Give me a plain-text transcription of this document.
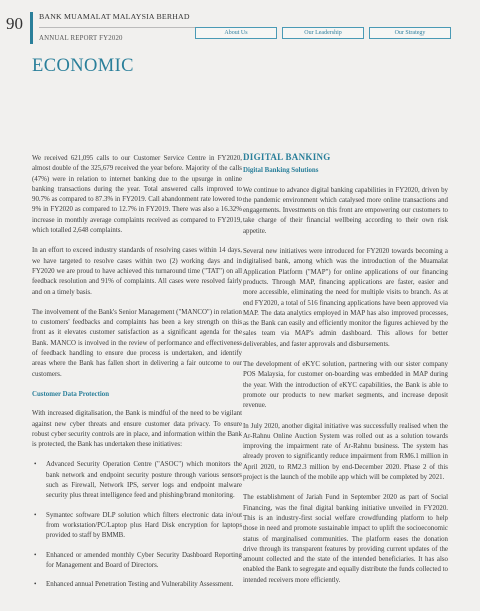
90 BANK MUAMALAT MALAYSIA BERHAD
ANNUAL REPORT FY2020
About Us	Our Leadership	Our Strategy
ECONOMIC

We received 621,095 calls to our Customer Service Centre in FY2020, almost double of the 325,679 received the year before. Majority of the calls (47%) were in relation to internet banking due to the upsurge in online banking transactions during the year. Total answered calls improved to 90.7% as compared to 87.3% in FY2019. Call abandonment rate lowered to 9% in FY2020 as compared to 12.7% in FY2019. There was also a 16.32% increase in monthly average complaints received as compared to FY2019, which totalled 2,648 complaints.

In an effort to exceed industry standards of resolving cases within 14 days, we have targeted to resolve cases within two (2) working days and in FY2020 we are proud to have achieved this turnaround time ("TAT") on all feedback resolution and 91% of complaints. All cases were resolved fairly and on a timely basis.

The involvement of the Bank's Senior Management ("MANCO") in relation to customers' feedbacks and complaints has been a key strength on this front as it elevates customer satisfaction as a significant agenda for the Bank. MANCO is involved in the review of performance and effectiveness of feedback handling to ensure due process is undertaken, and identify areas where the Bank has fallen short in delivering a fair outcome to our customers.

Customer Data Protection

With increased digitalisation, the Bank is mindful of the need to be vigilant against new cyber threats and ensure customer data privacy. To ensure robust cyber security controls are in place, and information within the Bank is protected, the Bank has undertaken these initiatives:

• Advanced Security Operation Centre ("ASOC") which monitors the bank network and endpoint security posture through various sensors such as Firewall, Network IPS, server logs and endpoint malware security plus threat intelligence feed and phishing/brand monitoring.
• Symantec software DLP solution which filters electronic data in/out from workstation/PC/Laptop plus Hard Disk encryption for laptops provided to staff by BMMB.
• Enhanced or amended monthly Cyber Security Dashboard Reporting for Management and Board of Directors.
• Enhanced annual Penetration Testing and Vulnerability Assessment.
DIGITAL BANKING
Digital Banking Solutions

We continue to advance digital banking capabilities in FY2020, driven by the pandemic environment which catalysed more online transactions and engagements. Investments on this front are empowering our customers to take charge of their financial wellbeing according to their own risk appetite.

Several new initiatives were introduced for FY2020 towards becoming a digitalised bank, among which was the introduction of the Muamalat Application Platform ("MAP") for online applications of our financing products. Through MAP, financing applications are faster, easier and more accessible, eliminating the need for multiple visits to branch. As at end FY2020, a total of 516 financing applications have been approved via MAP. The data analytics employed in MAP has also improved processes, as the Bank can easily and efficiently monitor the figures achieved by the sales team via MAP's admin dashboard. This allows for better deliverables, and faster approvals and disbursements.

The development of eKYC solution, partnering with our sister company POS Malaysia, for customer on-boarding was embedded in MAP during the year. With the introduction of eKYC capabilities, the Bank is able to promote our products to new market segments, and increase deposit revenue.

In July 2020, another digital initiative was successfully realised when the Ar-Rahnu Online Auction System was rolled out as a solution towards improving the impairment rate of Ar-Rahnu business. The system has already proven to significantly reduce impairment from RM6.1 million in April 2020, to RM2.3 million by end-December 2020. Phase 2 of this project is the launch of the mobile app which will be completed by 2021.

The establishment of Jariah Fund in September 2020 as part of Social Financing, was the final digital banking initiative unveiled in FY2020. This is an industry-first social welfare crowdfunding platform to help those in need and promote sustainable impact to uplift the socioeconomic status of marginalised communities. The platform eases the donation drive through its transparent features by providing current updates of the amount collected and the state of the intended beneficiaries. It has also enabled the Bank to segregate and equally distribute the funds collected to intended receivers more efficiently.
